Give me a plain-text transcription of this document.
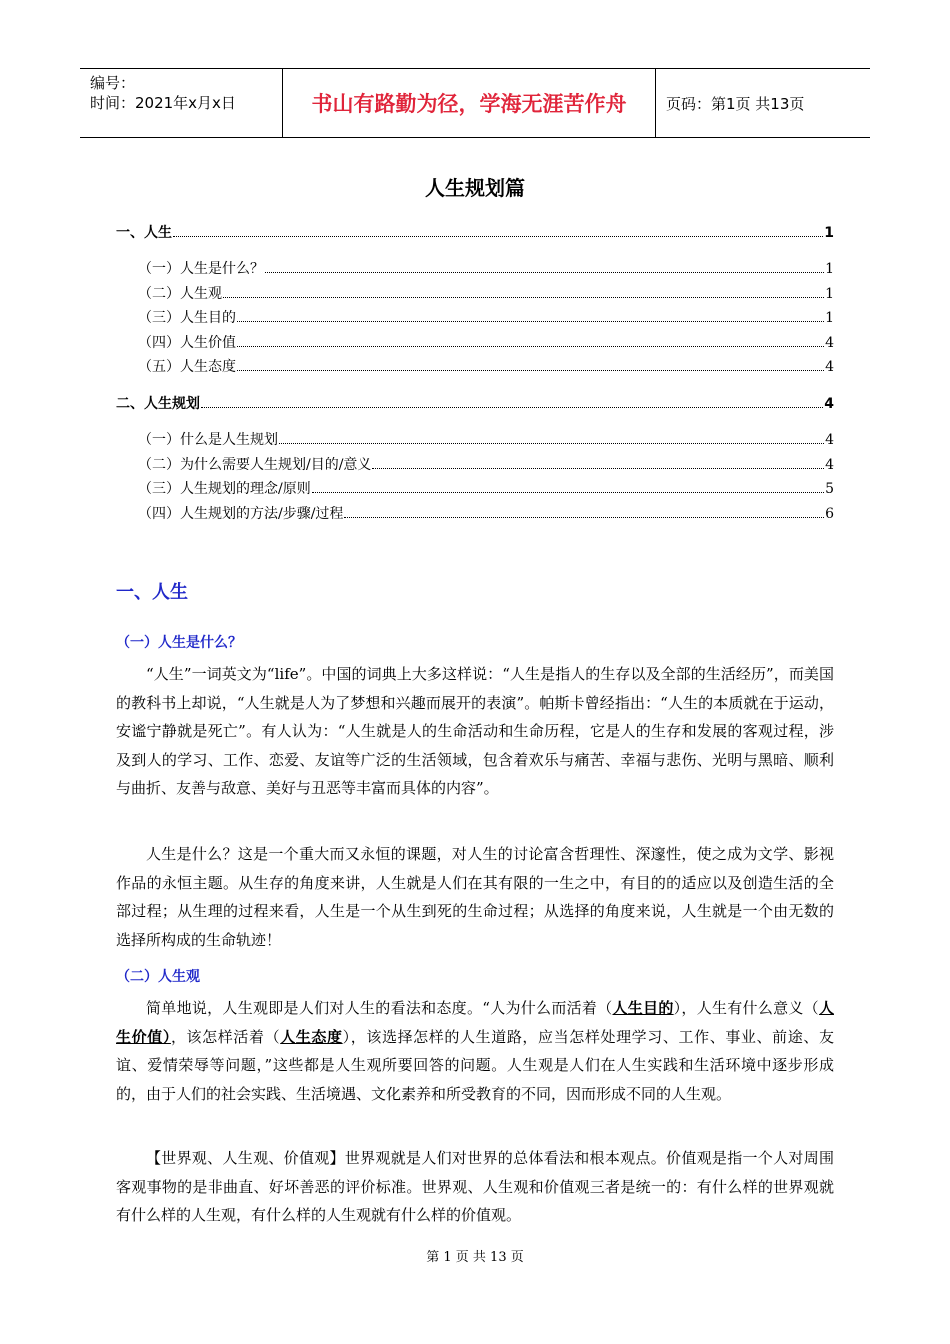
编号：
时间：2021年x月x日	书山有路勤为径，学海无涯苦作舟	页码：第1页 共13页
人生规划篇
一、人生	1
（一）人生是什么？	1
（二）人生观	1
（三）人生目的	1
（四）人生价值	4
（五）人生态度	4
二、人生规划	4
（一）什么是人生规划	4
（二）为什么需要人生规划/目的/意义	4
（三）人生规划的理念/原则	5
（四）人生规划的方法/步骤/过程	6
一、人生
（一）人生是什么？
“人生”一词英文为“life”。中国的词典上大多这样说：“人生是指人的生存以及全部的生活经历”，而美国的教科书上却说，“人生就是人为了梦想和兴趣而展开的表演”。帕斯卡曾经指出：“人生的本质就在于运动，安谧宁静就是死亡”。有人认为：“人生就是人的生命活动和生命历程，它是人的生存和发展的客观过程，涉及到人的学习、工作、恋爱、友谊等广泛的生活领域，包含着欢乐与痛苦、幸福与悲伤、光明与黑暗、顺利与曲折、友善与敌意、美好与丑恶等丰富而具体的内容”。
人生是什么？这是一个重大而又永恒的课题，对人生的讨论富含哲理性、深邃性，使之成为文学、影视作品的永恒主题。从生存的角度来讲，人生就是人们在其有限的一生之中，有目的的适应以及创造生活的全部过程；从生理的过程来看，人生是一个从生到死的生命过程；从选择的角度来说，人生就是一个由无数的选择所构成的生命轨迹！
（二）人生观
简单地说，人生观即是人们对人生的看法和态度。“人为什么而活着（人生目的），人生有什么意义（人生价值），该怎样活着（人生态度），该选择怎样的人生道路，应当怎样处理学习、工作、事业、前途、友谊、爱情荣辱等问题，”这些都是人生观所要回答的问题。人生观是人们在人生实践和生活环境中逐步形成的，由于人们的社会实践、生活境遇、文化素养和所受教育的不同，因而形成不同的人生观。
【世界观、人生观、价值观】世界观就是人们对世界的总体看法和根本观点。价值观是指一个人对周围客观事物的是非曲直、好坏善恶的评价标准。世界观、人生观和价值观三者是统一的：有什么样的世界观就有什么样的人生观，有什么样的人生观就有什么样的价值观。
第 1 页 共 13 页
